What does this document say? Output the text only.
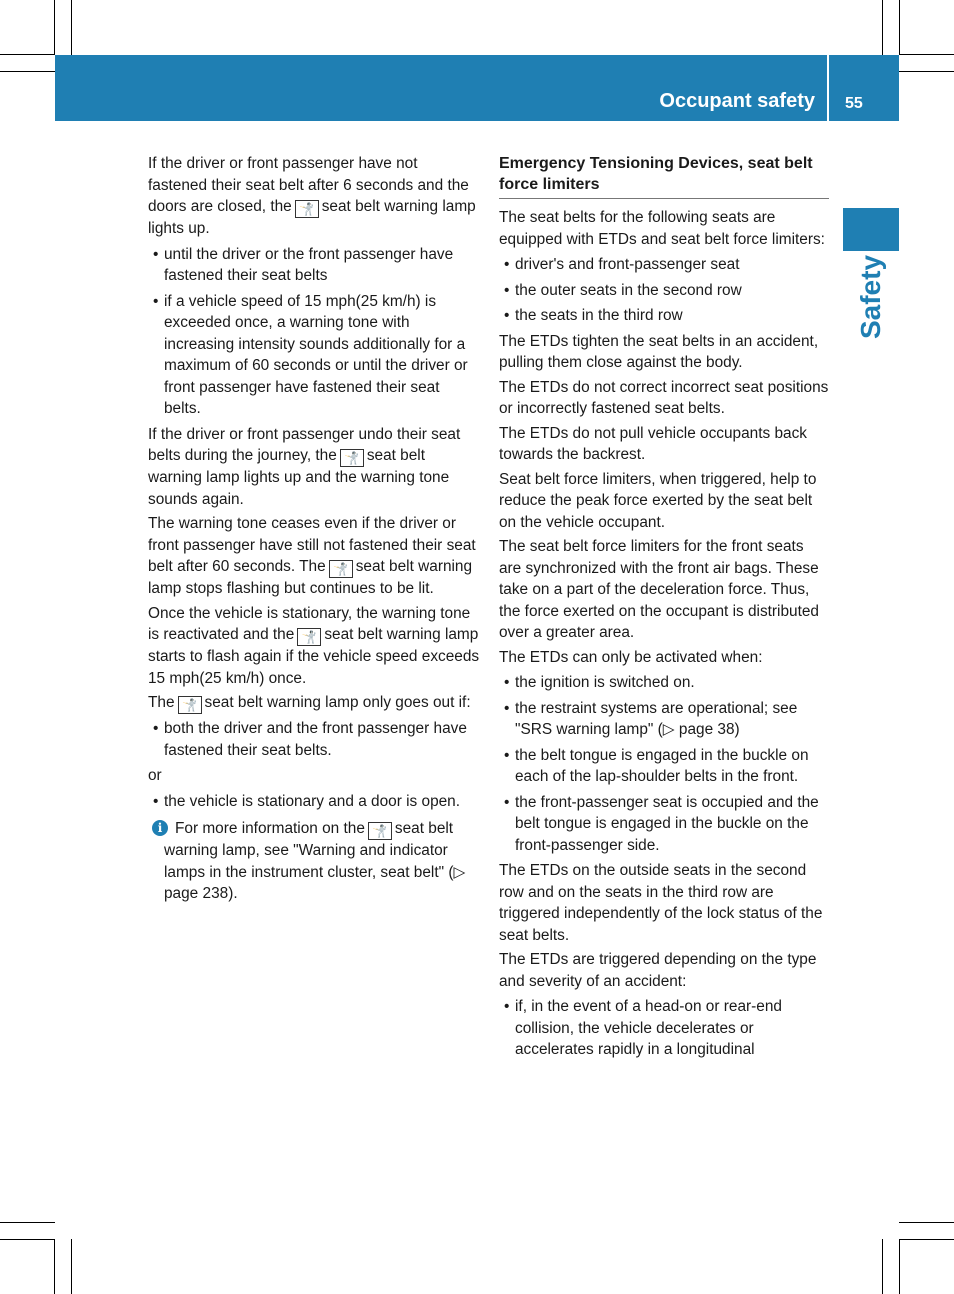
Occupant safety 55
Safety

If the driver or front passenger have not fastened their seat belt after 6 seconds and the doors are closed, the 🤺 seat belt warning lamp lights up.

• until the driver or the front passenger have fastened their seat belts
• if a vehicle speed of 15 mph(25 km/h) is exceeded once, a warning tone with increasing intensity sounds additionally for a maximum of 60 seconds or until the driver or front passenger have fastened their seat belts.

If the driver or front passenger undo their seat belts during the journey, the 🤺 seat belt warning lamp lights up and the warning tone sounds again.

The warning tone ceases even if the driver or front passenger have still not fastened their seat belt after 60 seconds. The 🤺 seat belt warning lamp stops flashing but continues to be lit.

Once the vehicle is stationary, the warning tone is reactivated and the 🤺 seat belt warning lamp starts to flash again if the vehicle speed exceeds 15 mph(25 km/h) once.

The 🤺 seat belt warning lamp only goes out if:

• both the driver and the front passenger have fastened their seat belts.

or

• the vehicle is stationary and a door is open.

i For more information on the 🤺 seat belt warning lamp, see "Warning and indicator lamps in the instrument cluster, seat belt" (▷ page 238).

Emergency Tensioning Devices, seat belt force limiters

The seat belts for the following seats are equipped with ETDs and seat belt force limiters:

• driver's and front-passenger seat
• the outer seats in the second row
• the seats in the third row

The ETDs tighten the seat belts in an accident, pulling them close against the body.

The ETDs do not correct incorrect seat positions or incorrectly fastened seat belts.

The ETDs do not pull vehicle occupants back towards the backrest.

Seat belt force limiters, when triggered, help to reduce the peak force exerted by the seat belt on the vehicle occupant.

The seat belt force limiters for the front seats are synchronized with the front air bags. These take on a part of the deceleration force. Thus, the force exerted on the occupant is distributed over a greater area.

The ETDs can only be activated when:

• the ignition is switched on.
• the restraint systems are operational; see "SRS warning lamp" (▷ page 38)
• the belt tongue is engaged in the buckle on each of the lap-shoulder belts in the front.
• the front-passenger seat is occupied and the belt tongue is engaged in the buckle on the front-passenger side.

The ETDs on the outside seats in the second row and on the seats in the third row are triggered independently of the lock status of the seat belts.

The ETDs are triggered depending on the type and severity of an accident:

• if, in the event of a head-on or rear-end collision, the vehicle decelerates or accelerates rapidly in a longitudinal
